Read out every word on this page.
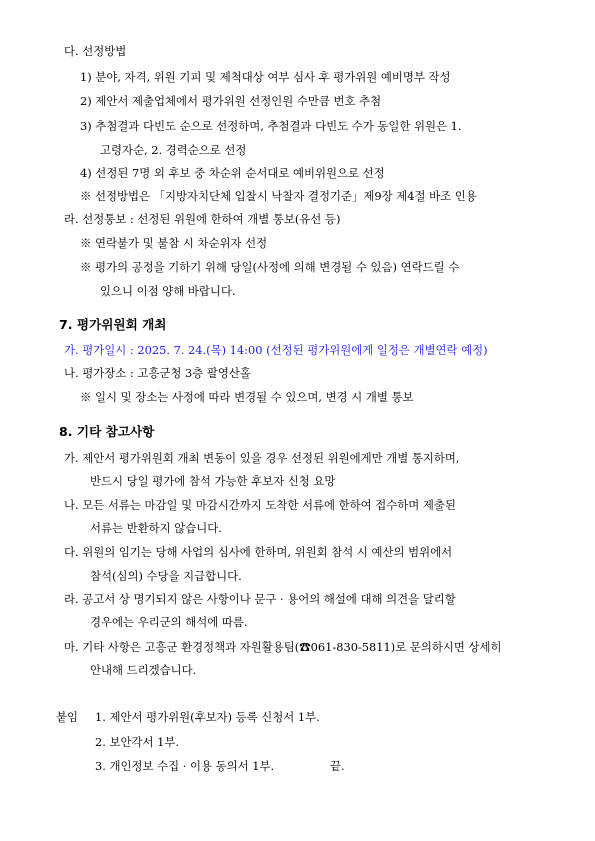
다. 선정방법
1) 분야, 자격, 위원 기피 및 제척대상 여부 심사 후 평가위원 예비명부 작성
2) 제안서 제출업체에서 평가위원 선정인원 수만큼 번호 추첨
3) 추첨결과 다빈도 순으로 선정하며, 추첨결과 다빈도 수가 동일한 위원은 1.
고령자순, 2. 경력순으로 선정
4) 선정된 7명 외 후보 중 차순위 순서대로 예비위원으로 선정
※ 선정방법은 「지방자치단체 입찰시 낙찰자 결정기준」제9장 제4절 바조 인용
라. 선정통보 : 선정된 위원에 한하여 개별 통보(유선 등)
※ 연락불가 및 불참 시 차순위자 선정
※ 평가의 공정을 기하기 위해 당일(사정에 의해 변경될 수 있음) 연락드릴 수
있으니 이점 양해 바랍니다.
7. 평가위원회 개최
가. 평가일시 : 2025. 7. 24.(목) 14:00 (선정된 평가위원에게 일정은 개별연락 예정)
나. 평가장소 : 고흥군청 3층 팔영산홀
※ 일시 및 장소는 사정에 따라 변경될 수 있으며, 변경 시 개별 통보
8. 기타 참고사항
가. 제안서 평가위원회 개최 변동이 있을 경우 선정된 위원에게만 개별 통지하며,
반드시 당일 평가에 참석 가능한 후보자 신청 요망
나. 모든 서류는 마감일 및 마감시간까지 도착한 서류에 한하여 접수하며 제출된
서류는 반환하지 않습니다.
다. 위원의 임기는 당해 사업의 심사에 한하며, 위원회 참석 시 예산의 범위에서
참석(심의) 수당을 지급합니다.
라. 공고서 상 명기되지 않은 사항이나 문구 · 용어의 해설에 대해 의견을 달리할
경우에는 우리군의 해석에 따름.
마. 기타 사항은 고흥군 환경정책과 자원활용팀(☎061-830-5811)로 문의하시면 상세히
안내해 드리겠습니다.
붙임 1. 제안서 평가위원(후보자) 등록 신청서 1부.
2. 보안각서 1부.
3. 개인정보 수집 · 이용 동의서 1부.	끝.
